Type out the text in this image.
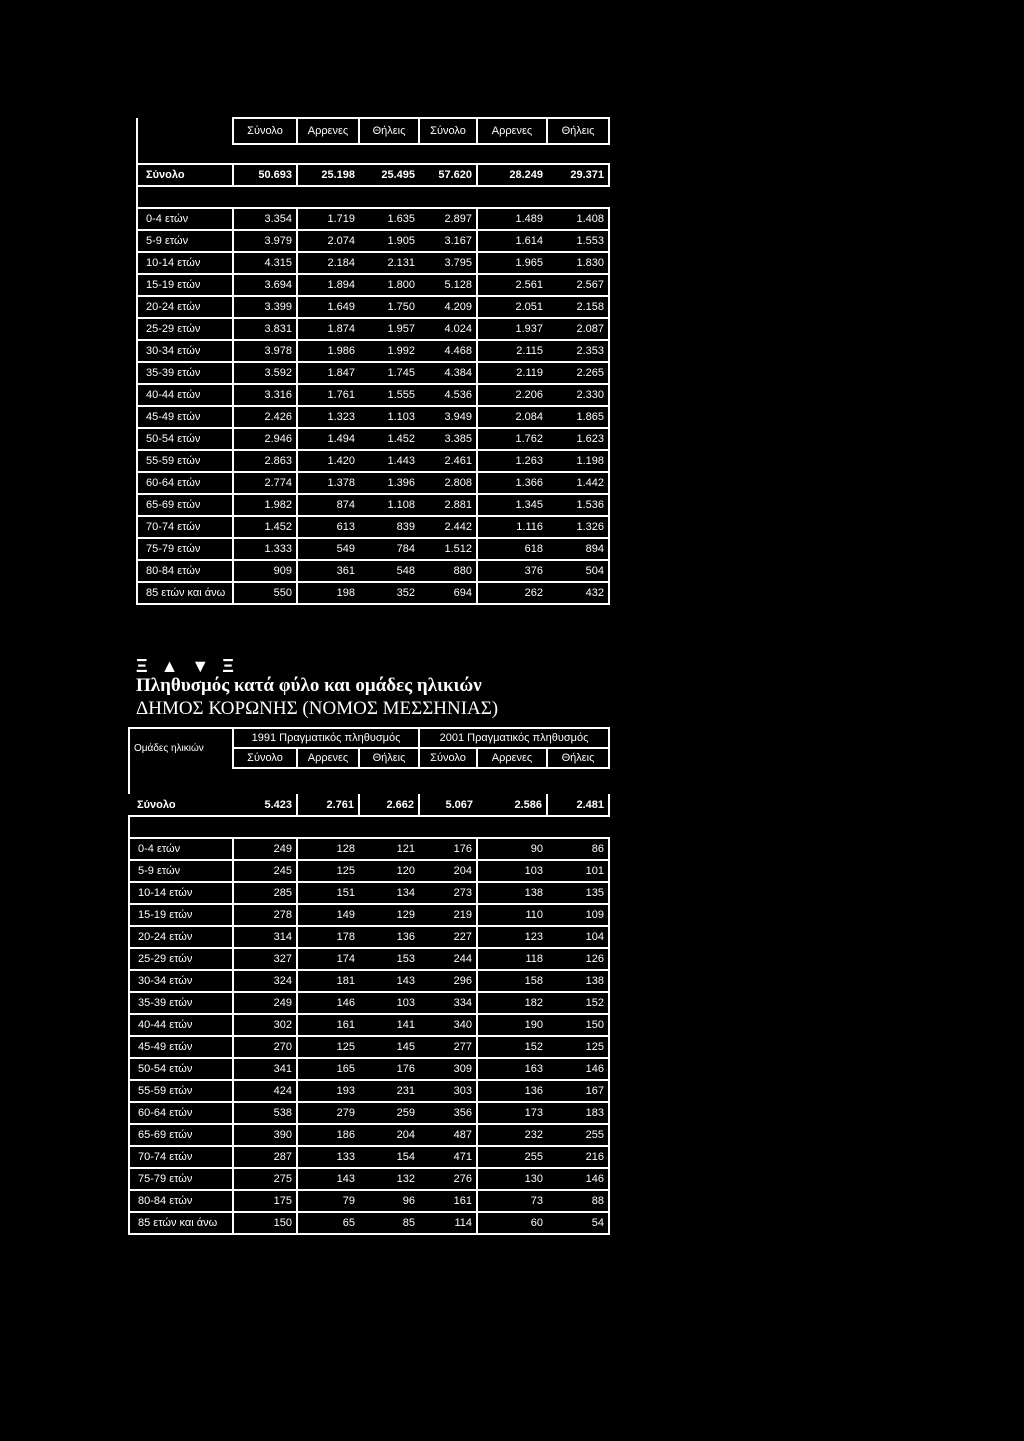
	Σύνολο	Αρρενες	Θήλεις	Σύνολο	Αρρενες	Θήλεις

Σύνολο	50.693	25.198	25.495	57.620	28.249	29.371

0-4 ετών	3.354	1.719	1.635	2.897	1.489	1.408
5-9 ετών	3.979	2.074	1.905	3.167	1.614	1.553
10-14 ετών	4.315	2.184	2.131	3.795	1.965	1.830
15-19 ετών	3.694	1.894	1.800	5.128	2.561	2.567
20-24 ετών	3.399	1.649	1.750	4.209	2.051	2.158
25-29 ετών	3.831	1.874	1.957	4.024	1.937	2.087
30-34 ετών	3.978	1.986	1.992	4.468	2.115	2.353
35-39 ετών	3.592	1.847	1.745	4.384	2.119	2.265
40-44 ετών	3.316	1.761	1.555	4.536	2.206	2.330
45-49 ετών	2.426	1.323	1.103	3.949	2.084	1.865
50-54 ετών	2.946	1.494	1.452	3.385	1.762	1.623
55-59 ετών	2.863	1.420	1.443	2.461	1.263	1.198
60-64 ετών	2.774	1.378	1.396	2.808	1.366	1.442
65-69 ετών	1.982	874	1.108	2.881	1.345	1.536
70-74 ετών	1.452	613	839	2.442	1.116	1.326
75-79 ετών	1.333	549	784	1.512	618	894
80-84 ετών	909	361	548	880	376	504
85 ετών και άνω	550	198	352	694	262	432
Ξ ▲ ▼ Ξ
Πληθυσμός κατά φύλο και ομάδες ηλικιών
ΔΗΜΟΣ ΚΟΡΩΝΗΣ (ΝΟΜΟΣ ΜΕΣΣΗΝΙΑΣ)
Ομάδες ηλικιών	1991 Πραγματικός πληθυσμός			2001 Πραγματικός πληθυσμός		
	Σύνολο	Αρρενες	Θήλεις	Σύνολο	Αρρενες	Θήλεις

Σύνολο	5.423	2.761	2.662	5.067	2.586	2.481

0-4 ετών	249	128	121	176	90	86
5-9 ετών	245	125	120	204	103	101
10-14 ετών	285	151	134	273	138	135
15-19 ετών	278	149	129	219	110	109
20-24 ετών	314	178	136	227	123	104
25-29 ετών	327	174	153	244	118	126
30-34 ετών	324	181	143	296	158	138
35-39 ετών	249	146	103	334	182	152
40-44 ετών	302	161	141	340	190	150
45-49 ετών	270	125	145	277	152	125
50-54 ετών	341	165	176	309	163	146
55-59 ετών	424	193	231	303	136	167
60-64 ετών	538	279	259	356	173	183
65-69 ετών	390	186	204	487	232	255
70-74 ετών	287	133	154	471	255	216
75-79 ετών	275	143	132	276	130	146
80-84 ετών	175	79	96	161	73	88
85 ετών και άνω	150	65	85	114	60	54
